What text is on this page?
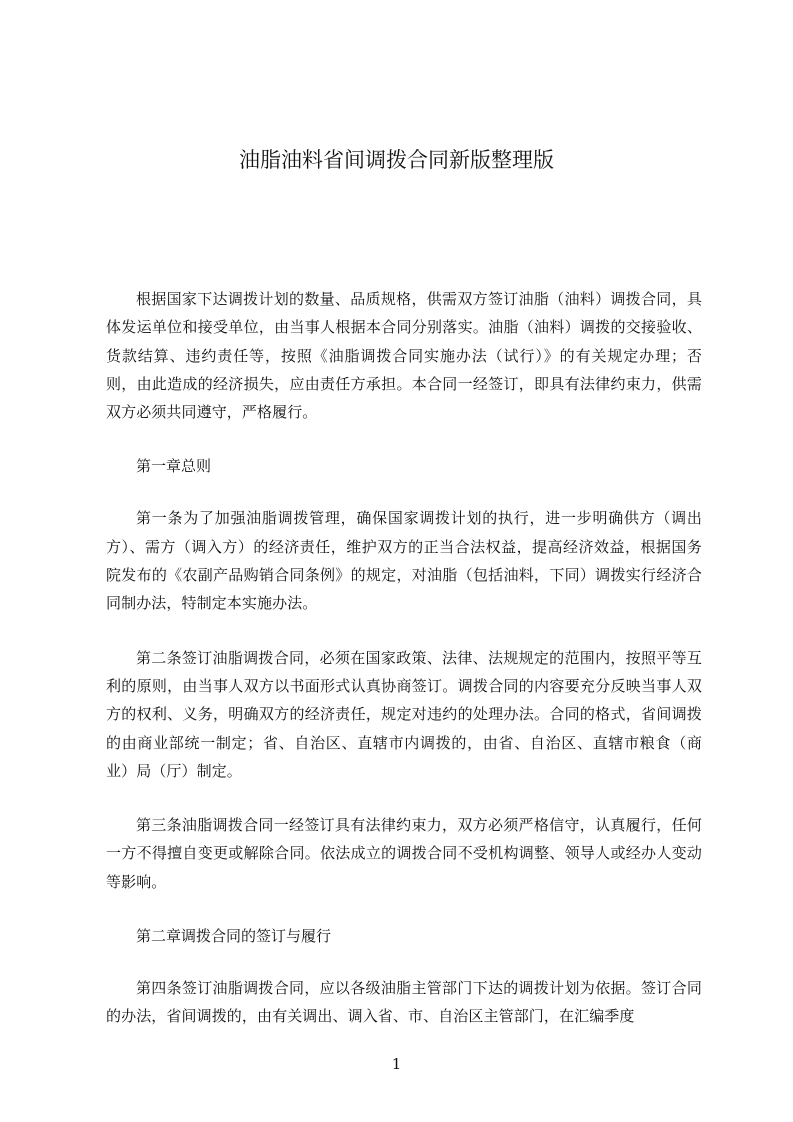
油脂油料省间调拨合同新版整理版

根据国家下达调拨计划的数量、品质规格，供需双方签订油脂（油料）调拨合同，具体发运单位和接受单位，由当事人根据本合同分别落实。油脂（油料）调拨的交接验收、货款结算、违约责任等，按照《油脂调拨合同实施办法（试行）》的有关规定办理；否则，由此造成的经济损失，应由责任方承担。本合同一经签订，即具有法律约束力，供需双方必须共同遵守，严格履行。

第一章总则

第一条为了加强油脂调拨管理，确保国家调拨计划的执行，进一步明确供方（调出方）、需方（调入方）的经济责任，维护双方的正当合法权益，提高经济效益，根据国务院发布的《农副产品购销合同条例》的规定，对油脂（包括油料，下同）调拨实行经济合同制办法，特制定本实施办法。

第二条签订油脂调拨合同，必须在国家政策、法律、法规规定的范围内，按照平等互利的原则，由当事人双方以书面形式认真协商签订。调拨合同的内容要充分反映当事人双方的权利、义务，明确双方的经济责任，规定对违约的处理办法。合同的格式，省间调拨的由商业部统一制定；省、自治区、直辖市内调拨的，由省、自治区、直辖市粮食（商业）局（厅）制定。

第三条油脂调拨合同一经签订具有法律约束力，双方必须严格信守，认真履行，任何一方不得擅自变更或解除合同。依法成立的调拨合同不受机构调整、领导人或经办人变动等影响。

第二章调拨合同的签订与履行

第四条签订油脂调拨合同，应以各级油脂主管部门下达的调拨计划为依据。签订合同的办法，省间调拨的，由有关调出、调入省、市、自治区主管部门，在汇编季度

1
